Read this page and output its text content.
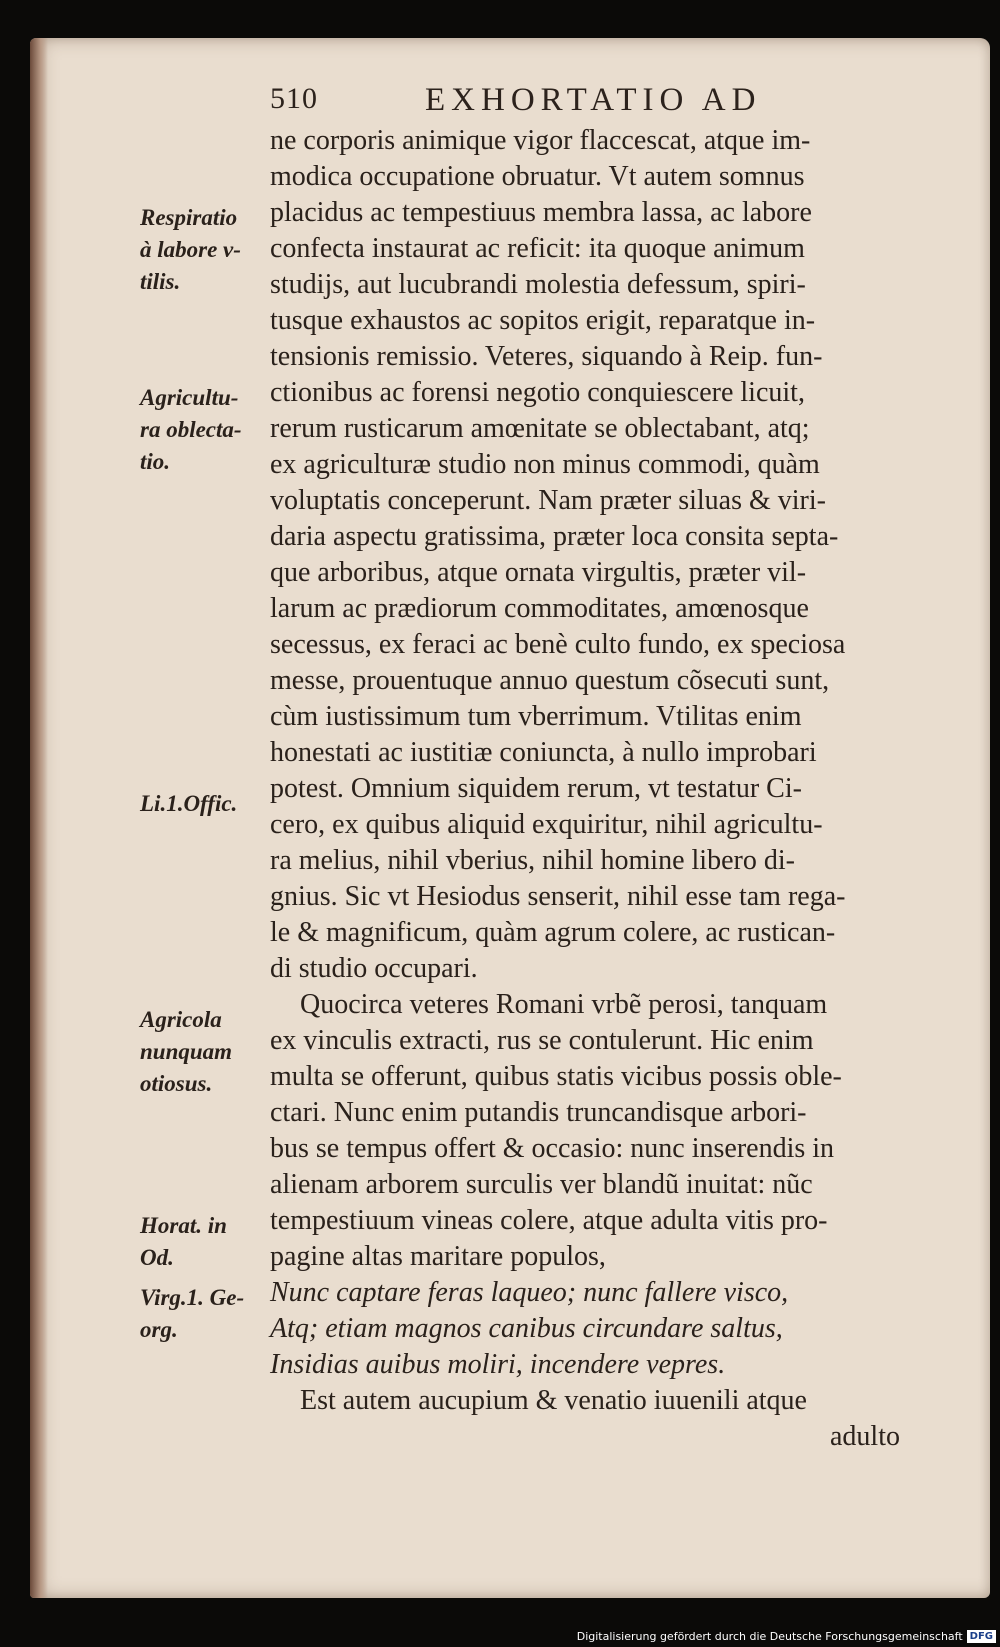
510	EXHORTATIO AD
ne corporis animique vigor flaccescat, atque im-
modica occupatione obruatur. Vt autem somnus
placidus ac tempestiuus membra lassa, ac labore
confecta instaurat ac reficit: ita quoque animum
studijs, aut lucubrandi molestia defessum, spiri-
tusque exhaustos ac sopitos erigit, reparatque in-
tensionis remissio. Veteres, siquando à Reip. fun-
ctionibus ac forensi negotio conquiescere licuit,
rerum rusticarum amœnitate se oblectabant, atq;
ex agriculturæ studio non minus commodi, quàm
voluptatis conceperunt. Nam præter siluas & viri-
daria aspectu gratissima, præter loca consita septa-
que arboribus, atque ornata virgultis, præter vil-
larum ac prædiorum commoditates, amœnosque
secessus, ex feraci ac benè culto fundo, ex speciosa
messe, prouentuque annuo questum cõsecuti sunt,
cùm iustissimum tum vberrimum. Vtilitas enim
honestati ac iustitiæ coniuncta, à nullo improbari
potest. Omnium siquidem rerum, vt testatur Ci-
cero, ex quibus aliquid exquiritur, nihil agricultu-
ra melius, nihil vberius, nihil homine libero di-
gnius. Sic vt Hesiodus senserit, nihil esse tam rega-
le & magnificum, quàm agrum colere, ac rustican-
di studio occupari.
Quocirca veteres Romani vrbẽ perosi, tanquam
ex vinculis extracti, rus se contulerunt. Hic enim
multa se offerunt, quibus statis vicibus possis oble-
ctari. Nunc enim putandis truncandisque arbori-
bus se tempus offert & occasio: nunc inserendis in
alienam arborem surculis ver blandũ inuitat: nũc
tempestiuum vineas colere, atque adulta vitis pro-
pagine altas maritare populos,
Nunc captare feras laqueo; nunc fallere visco,
Atq; etiam magnos canibus circundare saltus,
Insidias auibus moliri, incendere vepres.
Est autem aucupium & venatio iuuenili atque
adulto
Respiratio
à labore v-
tilis.
Agricultu-
ra oblecta-
tio.
Li.1.Offic.
Agricola
nunquam
otiosus.
Horat. in
Od.
Virg.1. Ge-
org.
Digitalisierung gefördert durch die Deutsche Forschungsgemeinschaft DFG
